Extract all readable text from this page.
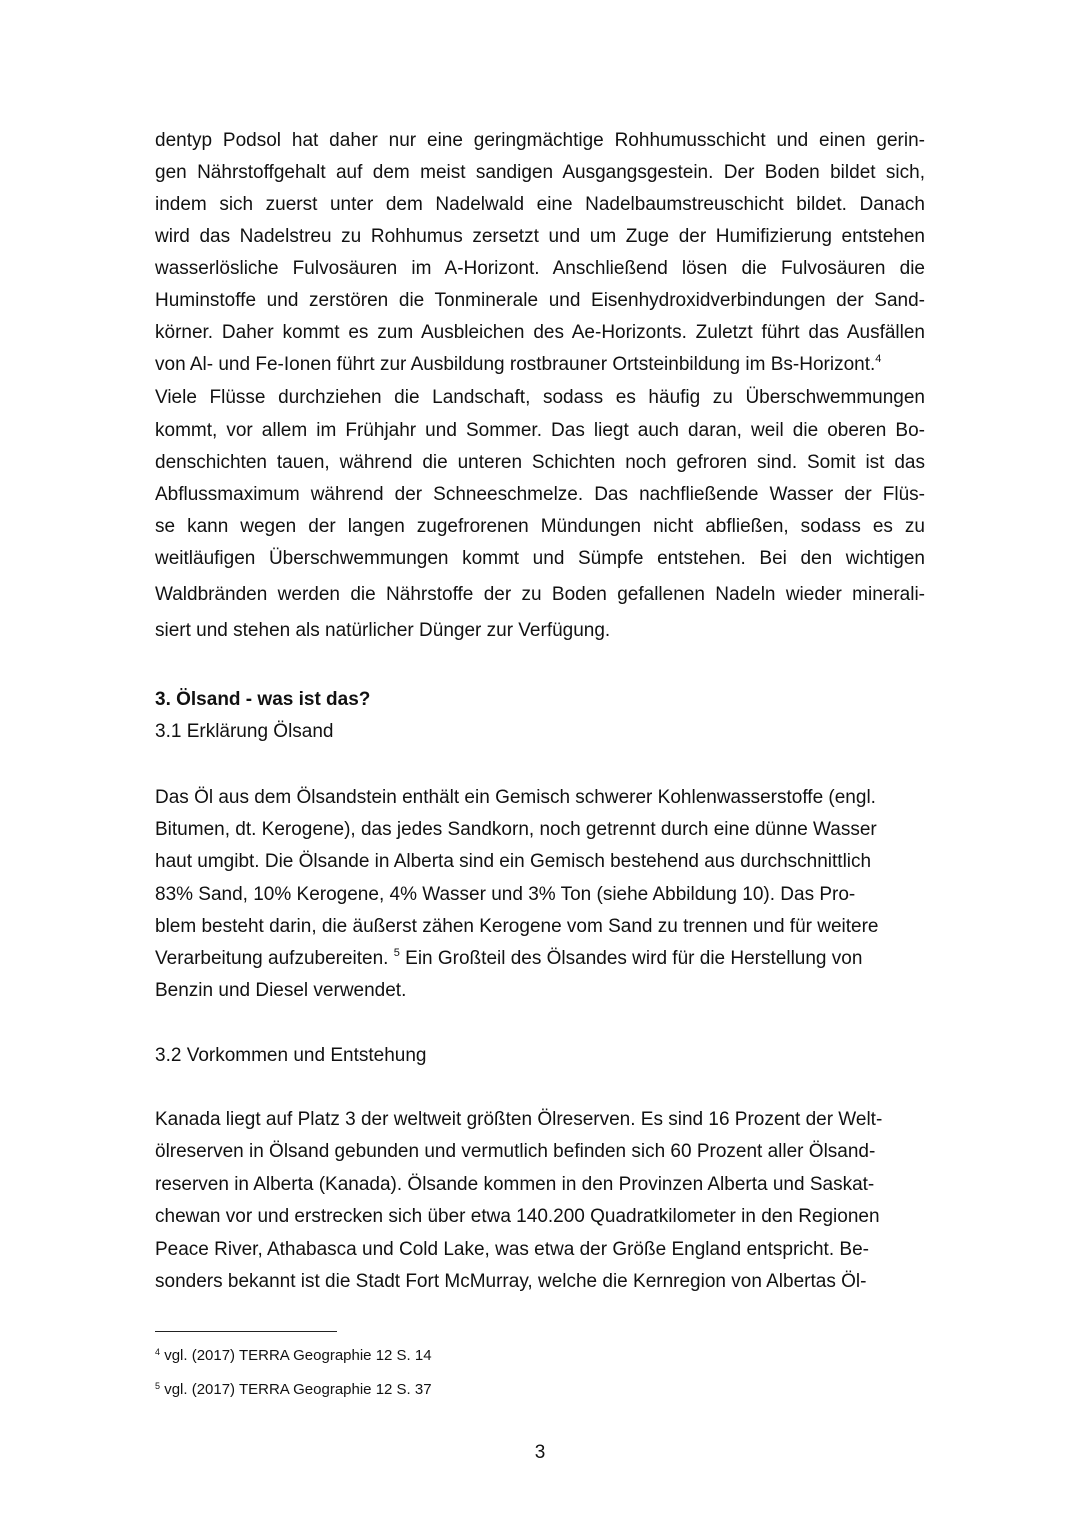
dentyp Podsol hat daher nur eine geringmächtige Rohhumusschicht und einen gerin-
gen Nährstoffgehalt auf dem meist sandigen Ausgangsgestein. Der Boden bildet sich,
indem sich zuerst unter dem Nadelwald eine Nadelbaumstreuschicht bildet. Danach
wird das Nadelstreu zu Rohhumus zersetzt und um Zuge der Humifizierung entstehen
wasserlösliche Fulvosäuren im A-Horizont. Anschließend lösen die Fulvosäuren die
Huminstoffe und zerstören die Tonminerale und Eisenhydroxidverbindungen der Sand-
körner. Daher kommt es zum Ausbleichen des Ae-Horizonts. Zuletzt führt das Ausfällen
von Al- und Fe-Ionen führt zur Ausbildung rostbrauner Ortsteinbildung im Bs-Horizont.$^4$
Viele Flüsse durchziehen die Landschaft, sodass es häufig zu Überschwemmungen
kommt, vor allem im Frühjahr und Sommer. Das liegt auch daran, weil die oberen Bo-
denschichten tauen, während die unteren Schichten noch gefroren sind. Somit ist das
Abflussmaximum während der Schneeschmelze. Das nachfließende Wasser der Flüs-
se kann wegen der langen zugefrorenen Mündungen nicht abfließen, sodass es zu
weitläufigen Überschwemmungen kommt und Sümpfe entstehen. Bei den wichtigen
Waldbränden werden die Nährstoffe der zu Boden gefallenen Nadeln wieder minerali-
siert und stehen als natürlicher Dünger zur Verfügung.
3. Ölsand - was ist das?
3.1 Erklärung Ölsand
Das Öl aus dem Ölsandstein enthält ein Gemisch schwerer Kohlenwasserstoffe (engl.
Bitumen, dt. Kerogene), das jedes Sandkorn, noch getrennt durch eine dünne Wasser
haut umgibt. Die Ölsande in Alberta sind ein Gemisch bestehend aus durchschnittlich
83% Sand, 10% Kerogene, 4% Wasser und 3% Ton (siehe Abbildung 10). Das Pro-
blem besteht darin, die äußerst zähen Kerogene vom Sand zu trennen und für weitere
Verarbeitung aufzubereiten. $^5$ Ein Großteil des Ölsandes wird für die Herstellung von
Benzin und Diesel verwendet.
3.2 Vorkommen und Entstehung
Kanada liegt auf Platz 3 der weltweit größten Ölreserven. Es sind 16 Prozent der Welt-
ölreserven in Ölsand gebunden und vermutlich befinden sich 60 Prozent aller Ölsand-
reserven in Alberta (Kanada). Ölsande kommen in den Provinzen Alberta und Saskat-
chewan vor und erstrecken sich über etwa 140.200 Quadratkilometer in den Regionen
Peace River, Athabasca und Cold Lake, was etwa der Größe England entspricht. Be-
sonders bekannt ist die Stadt Fort McMurray, welche die Kernregion von Albertas Öl-
$^4$ vgl. (2017) TERRA Geographie 12 S. 14
$^5$ vgl. (2017) TERRA Geographie 12 S. 37
3
